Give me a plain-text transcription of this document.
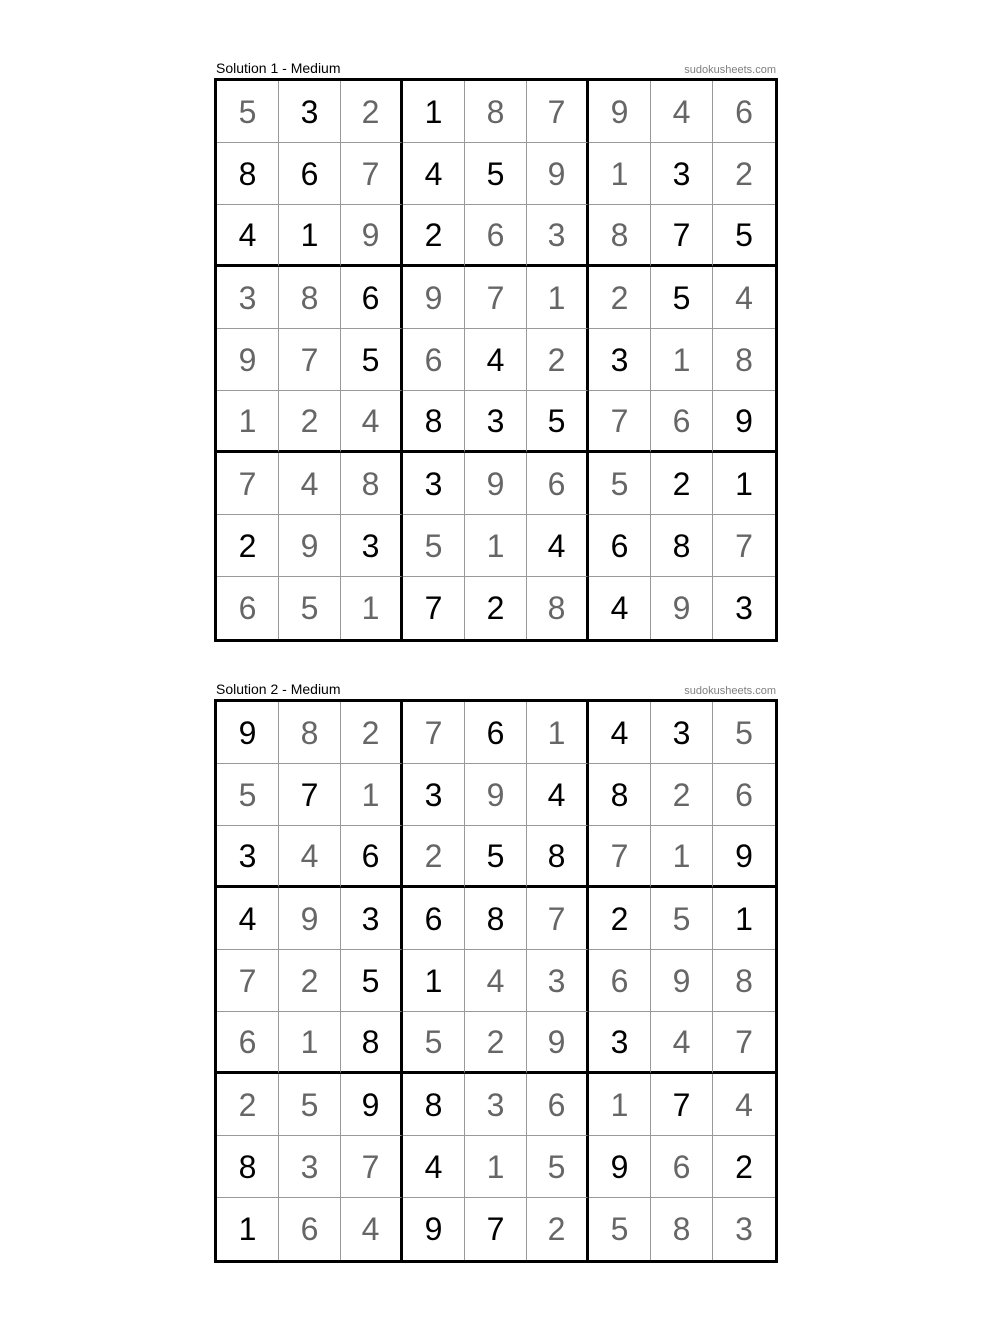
Solution 1 - Medium	sudokusheets.com
5	3	2	1	8	7	9	4	6
8	6	7	4	5	9	1	3	2
4	1	9	2	6	3	8	7	5
3	8	6	9	7	1	2	5	4
9	7	5	6	4	2	3	1	8
1	2	4	8	3	5	7	6	9
7	4	8	3	9	6	5	2	1
2	9	3	5	1	4	6	8	7
6	5	1	7	2	8	4	9	3
Solution 2 - Medium	sudokusheets.com
9	8	2	7	6	1	4	3	5
5	7	1	3	9	4	8	2	6
3	4	6	2	5	8	7	1	9
4	9	3	6	8	7	2	5	1
7	2	5	1	4	3	6	9	8
6	1	8	5	2	9	3	4	7
2	5	9	8	3	6	1	7	4
8	3	7	4	1	5	9	6	2
1	6	4	9	7	2	5	8	3
